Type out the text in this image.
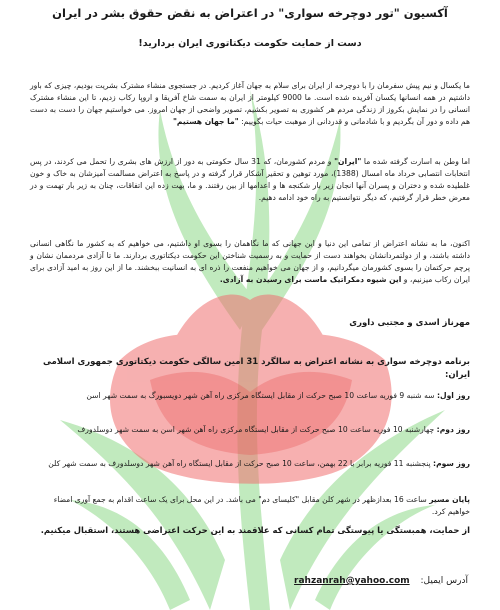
آکسیون "تور دوچرخه سواری" در اعتراض به نقض حقوق بشر در ایران
دست از حمایت حکومت دیکتاتوری ایران بردارید!
ما یکسال و نیم پیش سفرمان را با دوچرخه از ایران برای سلام به جهان آغاز کردیم. در جستجوی منشاء مشترک بشریت بودیم، چیزی که باور داشتیم در همه انسانها یکسان آفریده شده است. ما 9000 کیلومتر از ایران به سمت شاخ آفریقا و اروپا رکاب زدیم، تا این منشاء مشترک انسانی را در نمایش بکروز از زندگی مردم هر کشوری به تصویر بکشیم، تصویر واضحی از جهان امروز. می خواستیم جهان را دست به دست هم داده و دور آن بگردیم و با شادمانی و قدردانی از موهبت حیات بگوییم: "ما جهان هستیم"
اما وطن به اسارت گرفته شده ما "ایران" و مردم کشورمان، که 31 سال حکومتی به دور از ارزش های بشری را تحمل می کردند، در پس انتخابات انتصابی خرداد ماه امسال (1388)، مورد توهین و تحقیر آشکار قرار گرفته و در پاسخ به اعتراض مسالمت آمیزشان به خاک و خون غلطیده شده و دختران و پسران آنها انجان زیر بار شکنجه ها و اعدامها از بین رفتند. و ما، بهت زده این اتفاقات، چنان به زیر بار تهمت و در معرض خطر قرار گرفتیم، که دیگر نتوانستیم به راه خود ادامه دهیم.
اکنون، ما به نشانه اعتراض از تمامی این دنیا و این جهانی که ما نگاهمان را بسوی او داشتیم، می خواهیم که به کشور ما نگاهی انسانی داشته باشند، و از دولتمردانشان بخواهند دست از حمایت و به رسمیت شناختن این حکومت دیکتاتوری بردارند. ما تا آزادی مردممان نشان و پرچم حرکتمان را بسوی کشورمان میگردانیم، و از جهان می خواهیم منفعت را ذره ای به انسانیت ببخشند. ما از این روز به امید آزادی برای ایران رکاب میزنیم، و این شیوه دمکراتیک ماست برای رسیدن به آزادی.
مهرناز اسدی و مجتبی داوری
برنامه دوچرخه سواری به نشانه اعتراض به سالگرد 31 امین سالگی حکومت دیکتاتوری جمهوری اسلامی ایران:
روز اول: سه شنبه 9 فوریه ساعت 10 صبح حرکت از مقابل ایستگاه مرکزی راه آهن شهر دویسبورگ به سمت شهر اسن
روز دوم: چهارشنبه 10 فوریه ساعت 10 صبح حرکت از مقابل ایستگاه مرکزی راه آهن شهر اسن به سمت شهر دوسلدورف
روز سوم: پنجشنبه 11 فوریه برابر با 22 بهمن، ساعت 10 صبح حرکت از مقابل ایستگاه راه آهن شهر دوسلدورف به سمت شهر کلن
پایان مسیر ساعت 16 بعدازظهر در شهر کلن مقابل "کلیسای دم" می باشد. در این محل برای یک ساعت اقدام به جمع آوری امضاء خواهیم کرد.
از حمایت، همبستگی یا پیوستگی تمام کسانی که علاقمند به این حرکت اعتراضی هستند، استقبال میکنیم.
آدرس ایمیل: rahzanrah@yahoo.com
